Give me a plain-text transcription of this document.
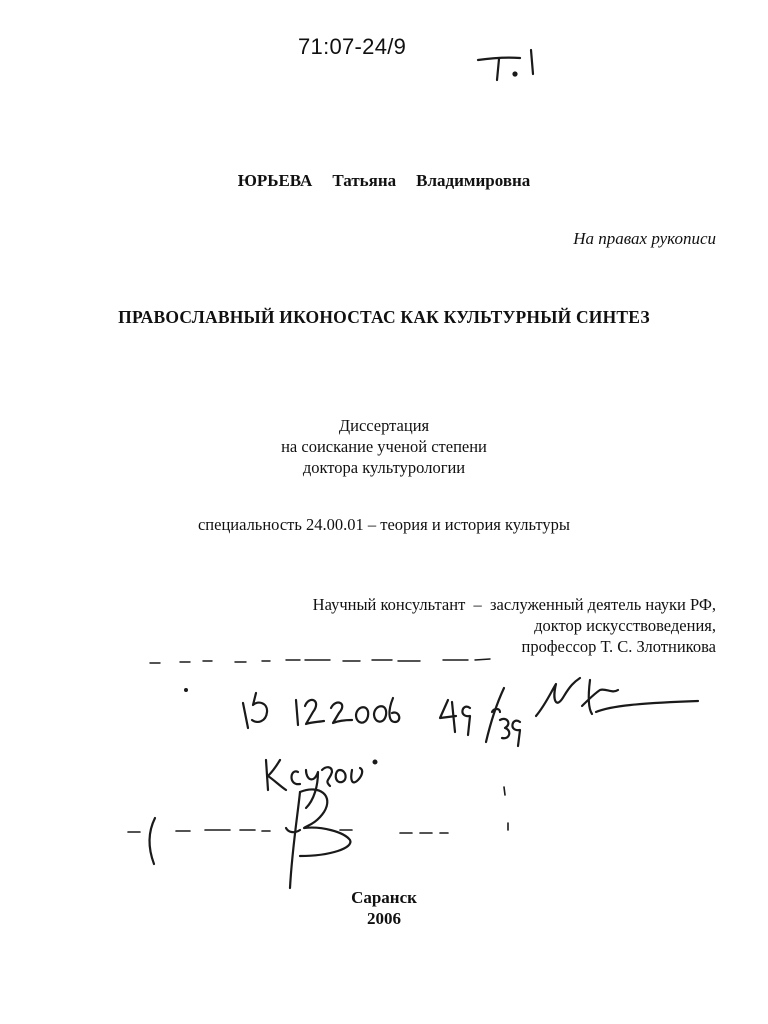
71:07-24/9
ЮРЬЕВА Татьяна Владимировна
На правах рукописи
ПРАВОСЛАВНЫЙ ИКОНОСТАС КАК КУЛЬТУРНЫЙ СИНТЕЗ
Диссертация
на соискание ученой степени
доктора культурологии
специальность 24.00.01 – теория и история культуры
Научный консультант  –  заслуженный деятель науки РФ,
доктор искусствоведения,
профессор Т. С. Злотникова
Саранск
2006
